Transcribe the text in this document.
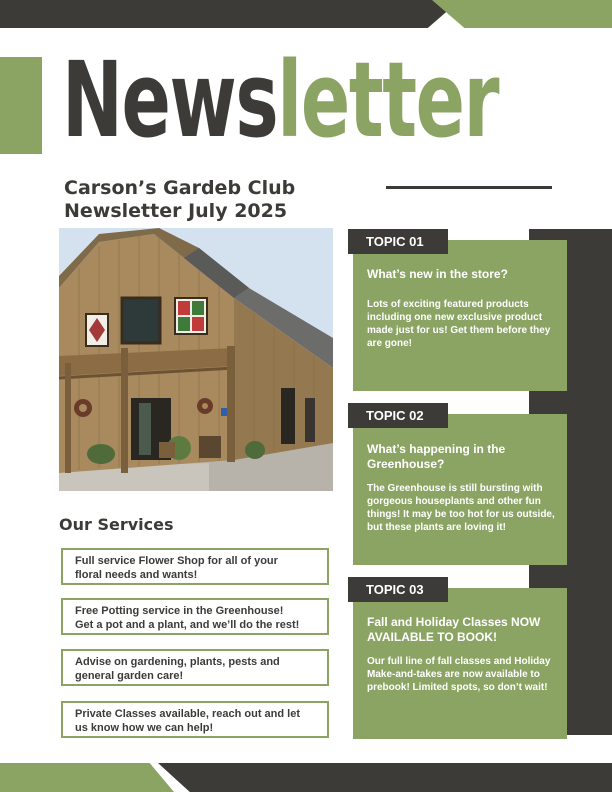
Newsletter
Carson’s Gardeb Club
Newsletter July 2025
Our Services
Full service Flower Shop for all of your
floral needs and wants!
Free Potting service in the Greenhouse!
Get a pot and a plant, and we’ll do the rest!
Advise on gardening, plants, pests and
general garden care!
Private Classes available, reach out and let
us know how we can help!
What’s new in the store?
Lots of exciting featured products including one new exclusive product made just for us! Get them before they are gone!
TOPIC 01
What’s happening in the Greenhouse?
The Greenhouse is still bursting with gorgeous houseplants and other fun things! It may be too hot for us outside, but these plants are loving it!
TOPIC 02
Fall and Holiday Classes NOW AVAILABLE TO BOOK!
Our full line of fall classes and Holiday Make-and-takes are now available to prebook! Limited spots, so don’t wait!
TOPIC 03
